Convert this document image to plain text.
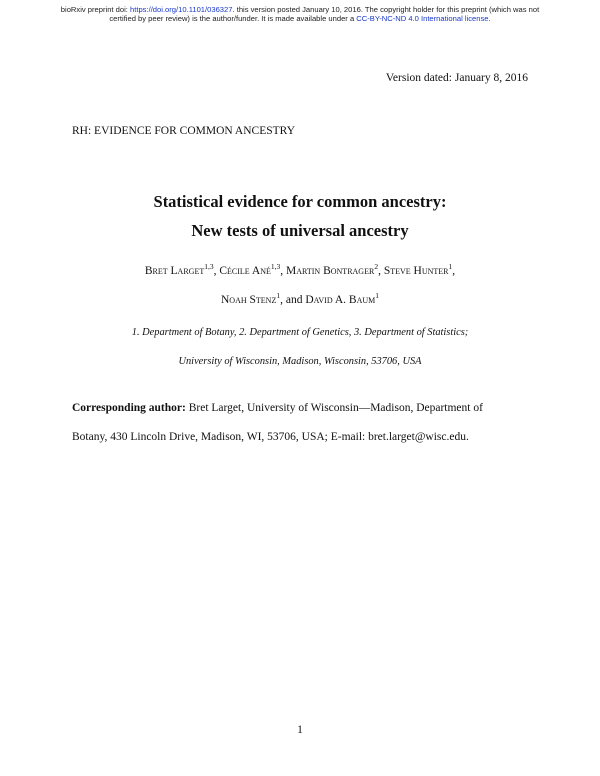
bioRxiv preprint doi: https://doi.org/10.1101/036327. this version posted January 10, 2016. The copyright holder for this preprint (which was not
certified by peer review) is the author/funder. It is made available under a CC-BY-NC-ND 4.0 International license.
Version dated: January 8, 2016
RH: EVIDENCE FOR COMMON ANCESTRY
Statistical evidence for common ancestry:
New tests of universal ancestry
Bret Larget$^{1,3}$, Cécile Ané$^{1,3}$, Martin Bontrager$^2$, Steve Hunter$^1$,
Noah Stenz$^1$, and David A. Baum$^1$
1. Department of Botany, 2. Department of Genetics, 3. Department of Statistics;
University of Wisconsin, Madison, Wisconsin, 53706, USA
Corresponding author: Bret Larget, University of Wisconsin—Madison, Department of
Botany, 430 Lincoln Drive, Madison, WI, 53706, USA; E-mail: bret.larget@wisc.edu.
1
